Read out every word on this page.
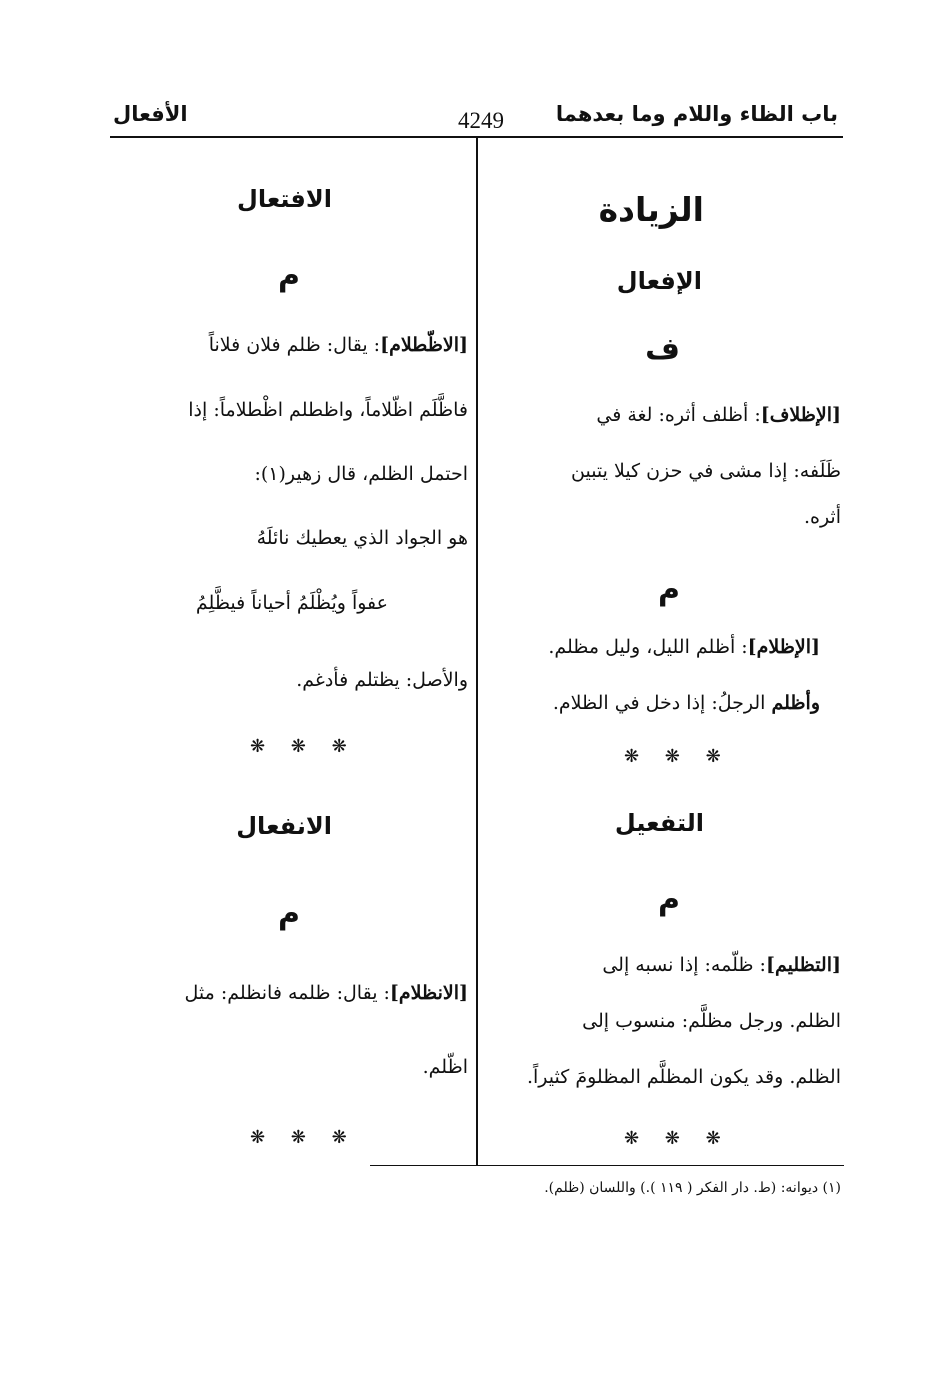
باب الظاء واللام وما بعدهما
4249
الأفعال
الزيادة
الإفعال
ف
[الإظلاف]: أظلف أثره: لغة في
ظَلَفه: إذا مشى في حزن كيلا يتبين
أثره.
م
[الإظلام]: أظلم الليل، وليل مظلم.
وأظلم الرجلُ: إذا دخل في الظلام.
❋ ❋ ❋
التفعيل
م
[التظليم]: ظلّمه: إذا نسبه إلى
الظلم. ورجل مظلَّم: منسوب إلى
الظلم. وقد يكون المظلَّم المظلومَ كثيراً.
❋ ❋ ❋
الافتعال
م
[الاظّطلام]: يقال: ظلم فلان فلاناً
فاظَّلَم اظّلاماً، واظطلم اظْطلاماً: إذا
احتمل الظلم، قال زهير(١):
هو الجواد الذي يعطيك نائلَهُ
عفواً ويُظْلَمُ أحياناً فيظَّلِمُ
والأصل: يظتلم فأدغم.
❋ ❋ ❋
الانفعال
م
[الانظلام]: يقال: ظلمه فانظلم: مثل
اظّلم.
❋ ❋ ❋
(١) ديوانه: (ط. دار الفكر ( ١١٩ ).) واللسان (ظلم).
